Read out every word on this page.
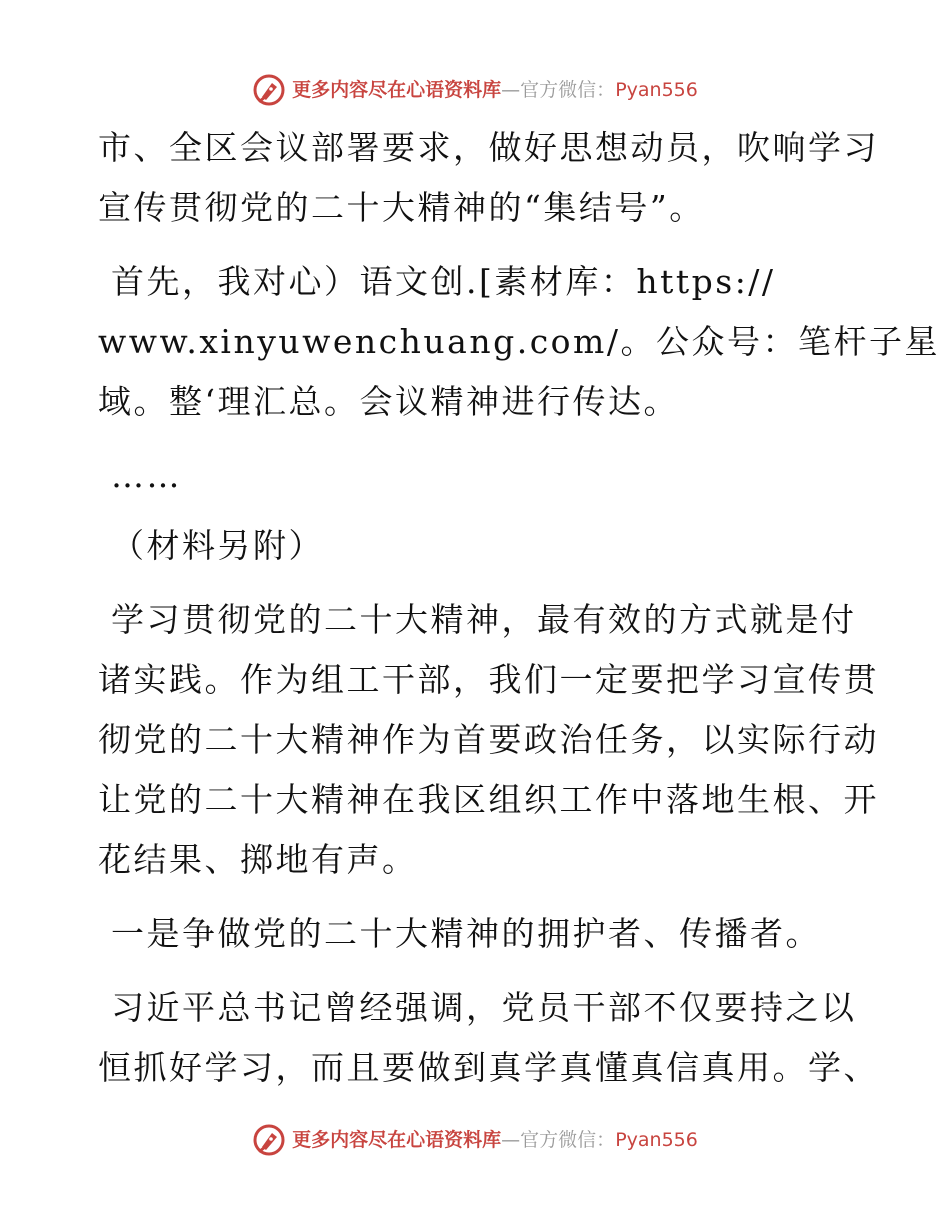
更多内容尽在心语资料库—官方微信：Pyan556

市、全区会议部署要求，做好思想动员，吹响学习
宣传贯彻党的二十大精神的“集结号”。

首先，我对心）语文创.[素材库：https://
www.xinyuwenchuang.com/。公众号：笔杆子星
域。整‘理汇总。会议精神进行传达。

……

（材料另附）

学习贯彻党的二十大精神，最有效的方式就是付
诸实践。作为组工干部，我们一定要把学习宣传贯
彻党的二十大精神作为首要政治任务，以实际行动
让党的二十大精神在我区组织工作中落地生根、开
花结果、掷地有声。

一是争做党的二十大精神的拥护者、传播者。

习近平总书记曾经强调，党员干部不仅要持之以
恒抓好学习，而且要做到真学真懂真信真用。学、

更多内容尽在心语资料库—官方微信：Pyan556
